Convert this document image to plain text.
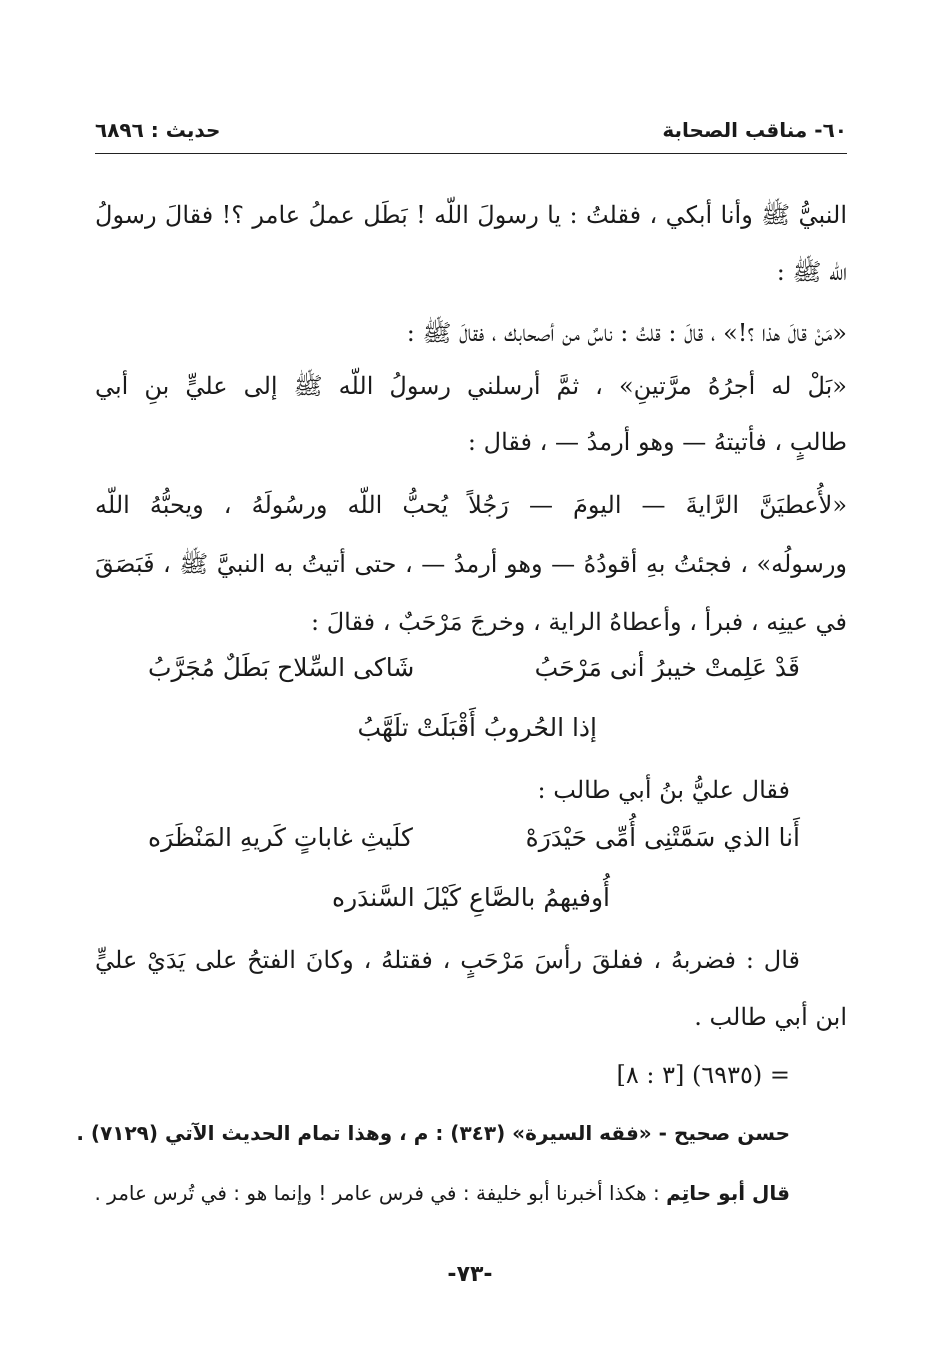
٦٠- مناقب الصحابة
حديث : ٦٨٩٦
النبيُّ ﷺ وأنا أبكي ، فقلتُ : يا رسولَ اللّه ! بَطَل عملُ عامر ؟! فقالَ رسولُ
اللّه ﷺ :
«مَنْ قالَ هذا ؟!» ، قالَ : قلتُ : ناسٌ من أصحابك ، فقالَ ﷺ :
«بَلْ له أجرُهُ مرَّتينِ» ، ثمَّ أرسلني رسولُ اللّه ﷺ إلى عليٍّ بنِ أبي
طالبٍ ، فأتيتهُ — وهو أرمدُ — ، فقال :
«لأُعطيَنَّ الرَّايةَ — اليومَ — رَجُلاً يُحبُّ اللّه ورسُولَهُ ، ويحبُّهُ اللّه
ورسولُه» ، فجئتُ بهِ أقودُهُ — وهو أرمدُ — ، حتى أتيتُ به النبيَّ ﷺ ، فَبَصَقَ
في عينِه ، فبرأ ، وأعطاهُ الراية ، وخرجَ مَرْحَبٌ ، فقالَ :
قَدْ عَلِمتْ خيبرُ أنى مَرْحَبُ
شَاكى السِّلاح بَطَلٌ مُجَرَّبُ
إذا الحُروبُ أَقْبَلَتْ تلَهَّبُ
فقال عليُّ بنُ أبي طالب :
أَنا الذي سَمَّتْنِى أُمِّى حَيْدَرَهْ
كلَيثِ غاباتٍ كَريهِ المَنْظَرَه
أُوفيهمُ بالصَّاعِ كَيْلَ السَّندَره
قال : فضربهُ ، ففلقَ رأسَ مَرْحَبٍ ، فقتلهُ ، وكانَ الفتحُ على يَدَيْ عليٍّ
ابن أبي طالب .
= (٦٩٣٥) [٣ : ٨]
حسن صحيح - «فقه السيرة» (٣٤٣) : م ، وهذا تمام الحديث الآتي (٧١٢٩) .
قال أبو حاتِم : هكذا أخبرنا أبو خليفة : في فرس عامر ! وإنما هو : في تُرس عامر .
-٧٣-
